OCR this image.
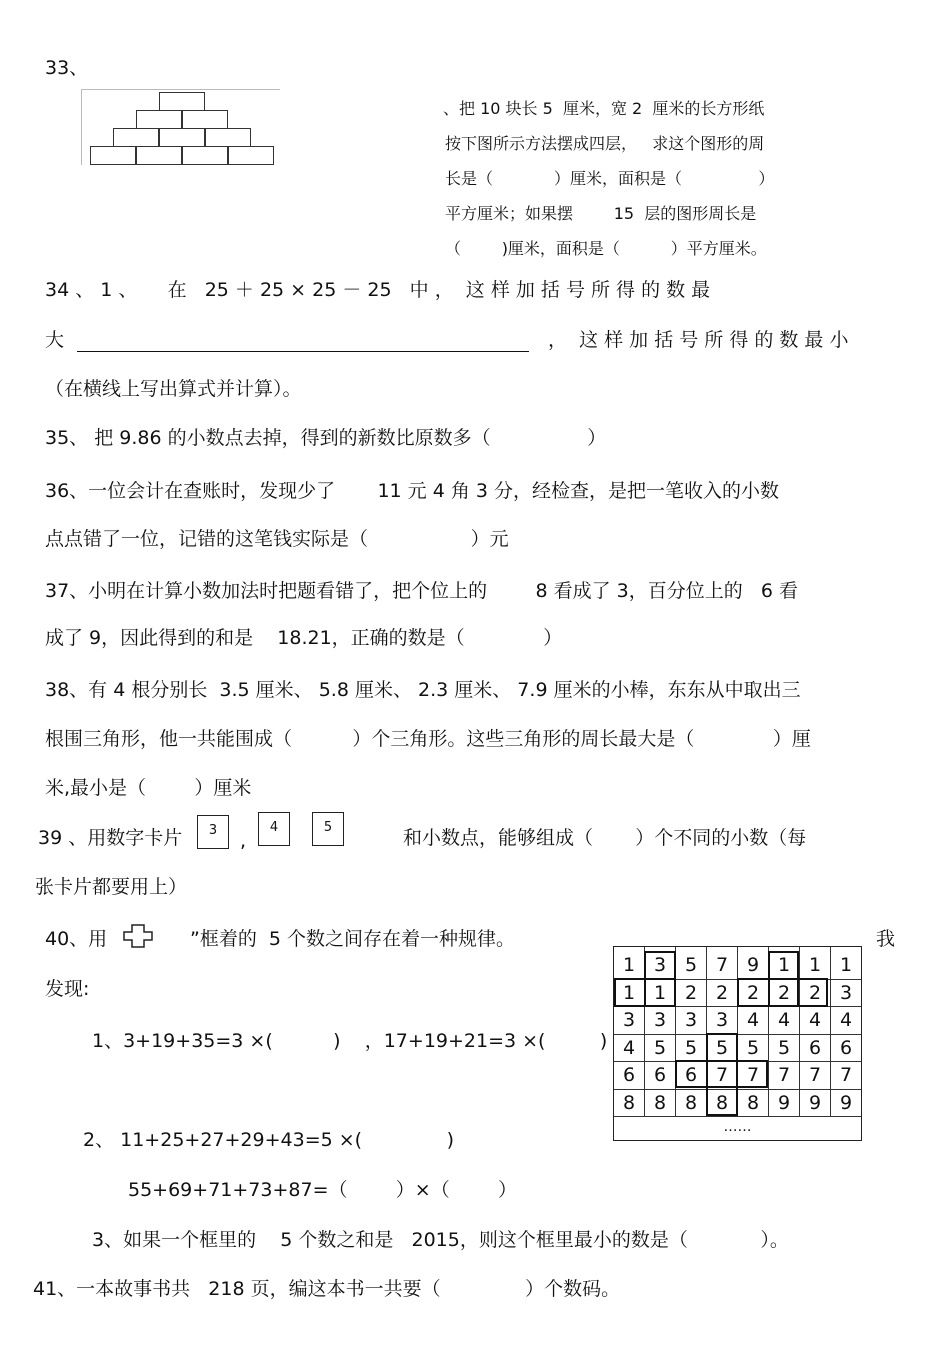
33、
、把 10 块长 5  厘米，宽 2  厘米的长方形纸
按下图所示方法摆成四层，   求这个图形的周
长是（            ）厘米，面积是（               ）
平方厘米；如果摆        15  层的图形周长是
（        )厘米，面积是（          ）平方厘米。
34 、 1 、     在   25 ＋ 25 × 25 － 25   中 ，  这 样 加 括 号 所 得 的 数 最
大	，  这 样 加 括 号 所 得 的 数 最 小
（在横线上写出算式并计算）。
35、 把 9.86 的小数点去掉，得到的新数比原数多（                ）
36、一位会计在查账时，发现少了       11 元 4 角 3 分，经检查，是把一笔收入的小数
点点错了一位，记错的这笔钱实际是（                 ）元
37、小明在计算小数加法时把题看错了，把个位上的        8 看成了 3，百分位上的   6 看
成了 9，因此得到的和是    18.21，正确的数是（             ）
38、有 4 根分别长  3.5 厘米、 5.8 厘米、 2.3 厘米、 7.9 厘米的小棒，东东从中取出三
根围三角形，他一共能围成（          ）个三角形。这些三角形的周长最大是（             ）厘
米,最小是（        ）厘米
39 、用数字卡片	3	,
4	5	和小数点，能够组成（       ）个不同的小数（每
张卡片都要用上）
40、用	”框着的  5 个数之间存在着一种规律。	我
发现:
1、3+19+35=3 ×(          )    ，17+19+21=3 ×(         )
2、 11+25+27+29+43=5 ×(              )
55+69+71+73+87=（        ）×（        ）
3、如果一个框里的    5 个数之和是   2015，则这个框里最小的数是（            ）。
1 3 5 7 9 1 1 1
1 1 2 2 2 2 2 3
3 3 3 3 4 4 4 4
4 5 5 5 5 5 6 6
6 6 6 7 7 7 7 7
8 8 8 8 8 9 9 9
……
41、一本故事书共   218 页，编这本书一共要（              ）个数码。
